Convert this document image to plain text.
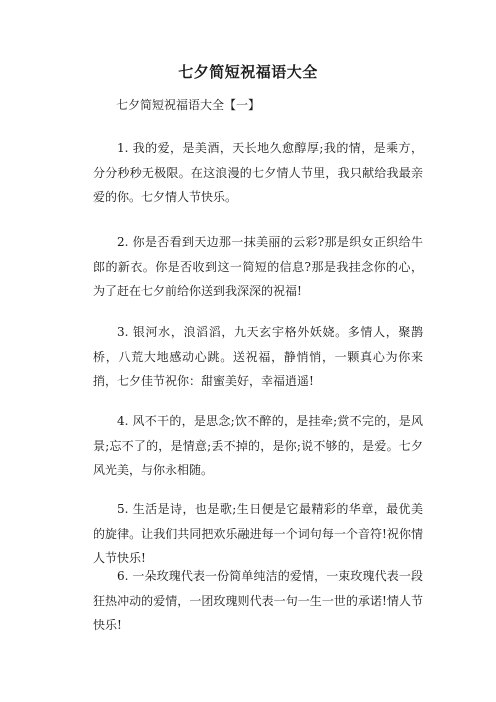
七夕简短祝福语大全
七夕简短祝福语大全【一】

1. 我的爱，是美酒，天长地久愈醇厚;我的情，是乘方，分分秒秒无极限。在这浪漫的七夕情人节里，我只献给我最亲爱的你。七夕情人节快乐。

2. 你是否看到天边那一抹美丽的云彩?那是织女正织给牛郎的新衣。你是否收到这一简短的信息?那是我挂念你的心，为了赶在七夕前给你送到我深深的祝福!

3. 银河水，浪滔滔，九天玄宇格外妖娆。多情人，聚鹊桥，八荒大地感动心跳。送祝福，静悄悄，一颗真心为你来捎，七夕佳节祝你：甜蜜美好，幸福逍遥!

4. 风不干的，是思念;饮不醉的，是挂牵;赏不完的，是风景;忘不了的，是情意;丢不掉的，是你;说不够的，是爱。七夕风光美，与你永相随。

5. 生活是诗，也是歌;生日便是它最精彩的华章，最优美的旋律。让我们共同把欢乐融进每一个词句每一个音符!祝你情人节快乐!

6. 一朵玫瑰代表一份简单纯洁的爱情，一束玫瑰代表一段狂热冲动的爱情，一团玫瑰则代表一句一生一世的承诺!情人节快乐!
